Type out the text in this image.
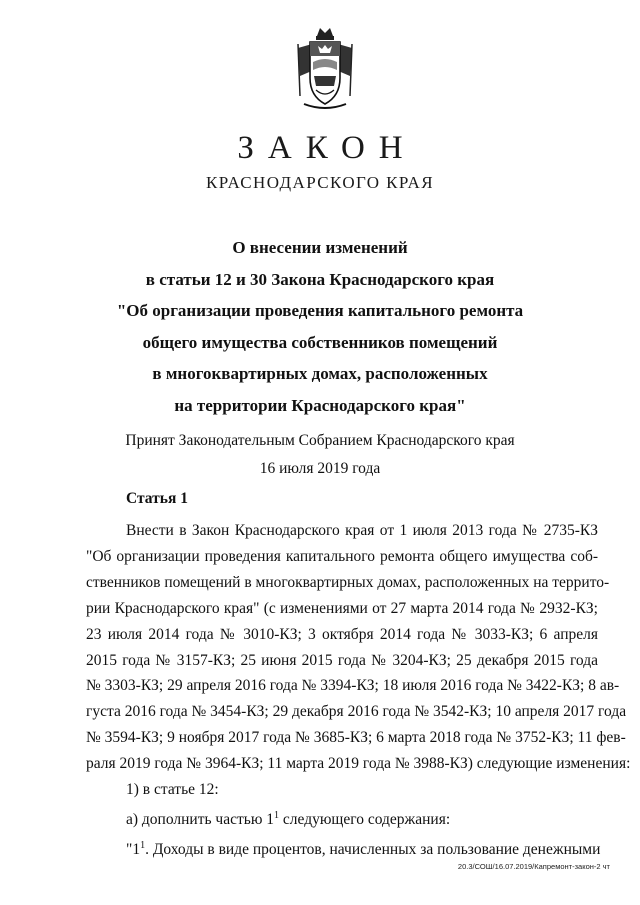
ЗАКОН
КРАСНОДАРСКОГО КРАЯ
О внесении изменений
в статьи 12 и 30 Закона Краснодарского края
"Об организации проведения капитального ремонта
общего имущества собственников помещений
в многоквартирных домах, расположенных
на территории Краснодарского края"
Принят Законодательным Собранием Краснодарского края
16 июля 2019 года
Статья 1
Внести в Закон Краснодарского края от 1 июля 2013 года № 2735-КЗ
"Об организации проведения капитального ремонта общего имущества соб-
ственников помещений в многоквартирных домах, расположенных на террито-
рии Краснодарского края" (с изменениями от 27 марта 2014 года № 2932-КЗ;
23 июля 2014 года № 3010-КЗ; 3 октября 2014 года № 3033-КЗ; 6 апреля
2015 года № 3157-КЗ; 25 июня 2015 года № 3204-КЗ; 25 декабря 2015 года
№ 3303-КЗ; 29 апреля 2016 года № 3394-КЗ; 18 июля 2016 года № 3422-КЗ; 8 ав-
густа 2016 года № 3454-КЗ; 29 декабря 2016 года № 3542-КЗ; 10 апреля 2017 года
№ 3594-КЗ; 9 ноября 2017 года № 3685-КЗ; 6 марта 2018 года № 3752-КЗ; 11 фев-
раля 2019 года № 3964-КЗ; 11 марта 2019 года № 3988-КЗ) следующие изменения:
1) в статье 12:
а) дополнить частью $1^1$ следующего содержания:
"$1^1$. Доходы в виде процентов, начисленных за пользование денежными
20.3/СОШ/16.07.2019/Капремонт-закон-2 чт
